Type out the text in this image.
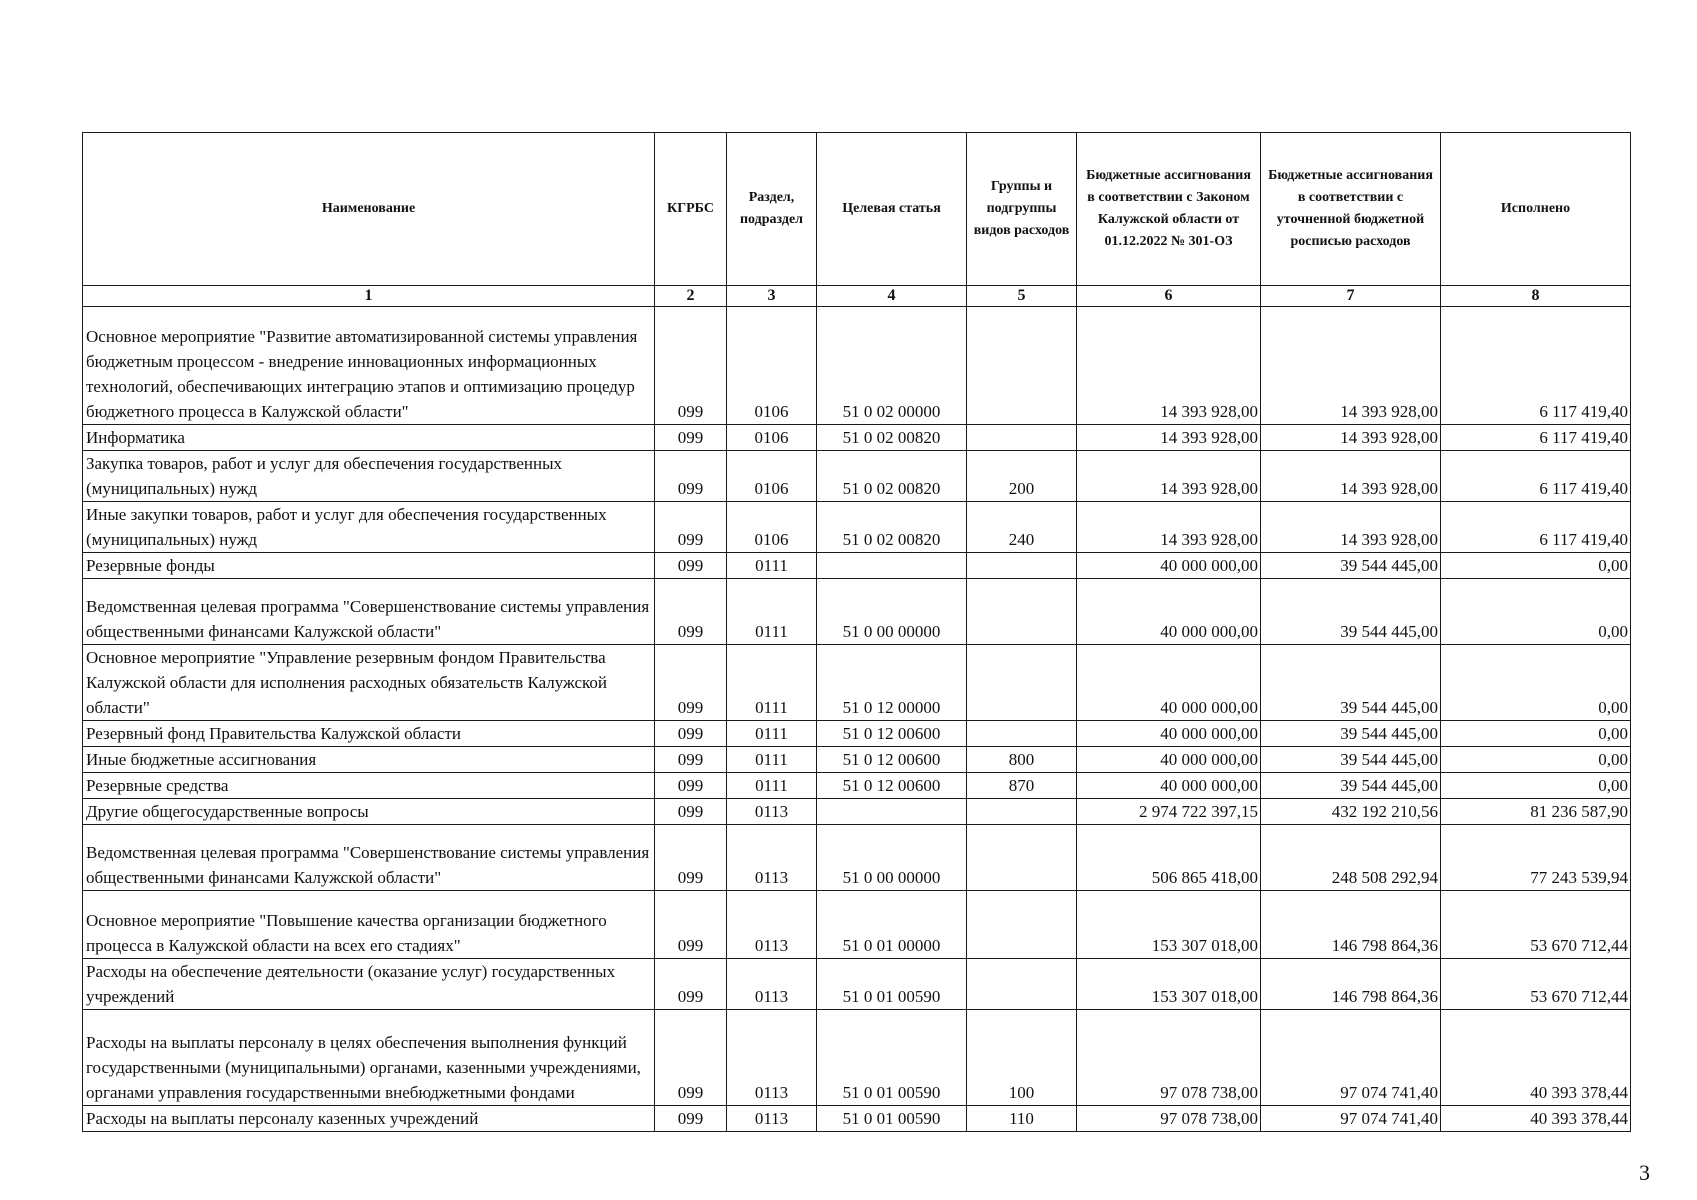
Наименование	КГРБС	Раздел, подраздел	Целевая статья	Группы и подгруппы видов расходов	Бюджетные ассигнования в соответствии с Законом Калужской области от 01.12.2022 № 301-ОЗ	Бюджетные ассигнования в соответствии с уточненной бюджетной росписью расходов	Исполнено
1	2	3	4	5	6	7	8
Основное мероприятие "Развитие автоматизированной системы управления бюджетным процессом - внедрение инновационных информационных технологий, обеспечивающих интеграцию этапов и оптимизацию процедур бюджетного процесса в Калужской области"	099	0106	51 0 02 00000		14 393 928,00	14 393 928,00	6 117 419,40
Информатика	099	0106	51 0 02 00820		14 393 928,00	14 393 928,00	6 117 419,40
Закупка товаров, работ и услуг для обеспечения государственных (муниципальных) нужд	099	0106	51 0 02 00820	200	14 393 928,00	14 393 928,00	6 117 419,40
Иные закупки товаров, работ и услуг для обеспечения государственных (муниципальных) нужд	099	0106	51 0 02 00820	240	14 393 928,00	14 393 928,00	6 117 419,40
Резервные фонды	099	0111			40 000 000,00	39 544 445,00	0,00
Ведомственная целевая программа "Совершенствование системы управления общественными финансами Калужской области"	099	0111	51 0 00 00000		40 000 000,00	39 544 445,00	0,00
Основное мероприятие "Управление резервным фондом Правительства Калужской области для исполнения расходных обязательств Калужской области"	099	0111	51 0 12 00000		40 000 000,00	39 544 445,00	0,00
Резервный фонд Правительства Калужской области	099	0111	51 0 12 00600		40 000 000,00	39 544 445,00	0,00
Иные бюджетные ассигнования	099	0111	51 0 12 00600	800	40 000 000,00	39 544 445,00	0,00
Резервные средства	099	0111	51 0 12 00600	870	40 000 000,00	39 544 445,00	0,00
Другие общегосударственные вопросы	099	0113			2 974 722 397,15	432 192 210,56	81 236 587,90
Ведомственная целевая программа "Совершенствование системы управления общественными финансами Калужской области"	099	0113	51 0 00 00000		506 865 418,00	248 508 292,94	77 243 539,94
Основное мероприятие "Повышение качества организации бюджетного процесса в Калужской области на всех его стадиях"	099	0113	51 0 01 00000		153 307 018,00	146 798 864,36	53 670 712,44
Расходы на обеспечение деятельности (оказание услуг) государственных учреждений	099	0113	51 0 01 00590		153 307 018,00	146 798 864,36	53 670 712,44
Расходы на выплаты персоналу в целях обеспечения выполнения функций государственными (муниципальными) органами, казенными учреждениями, органами управления государственными внебюджетными фондами	099	0113	51 0 01 00590	100	97 078 738,00	97 074 741,40	40 393 378,44
Расходы на выплаты персоналу казенных учреждений	099	0113	51 0 01 00590	110	97 078 738,00	97 074 741,40	40 393 378,44
3
